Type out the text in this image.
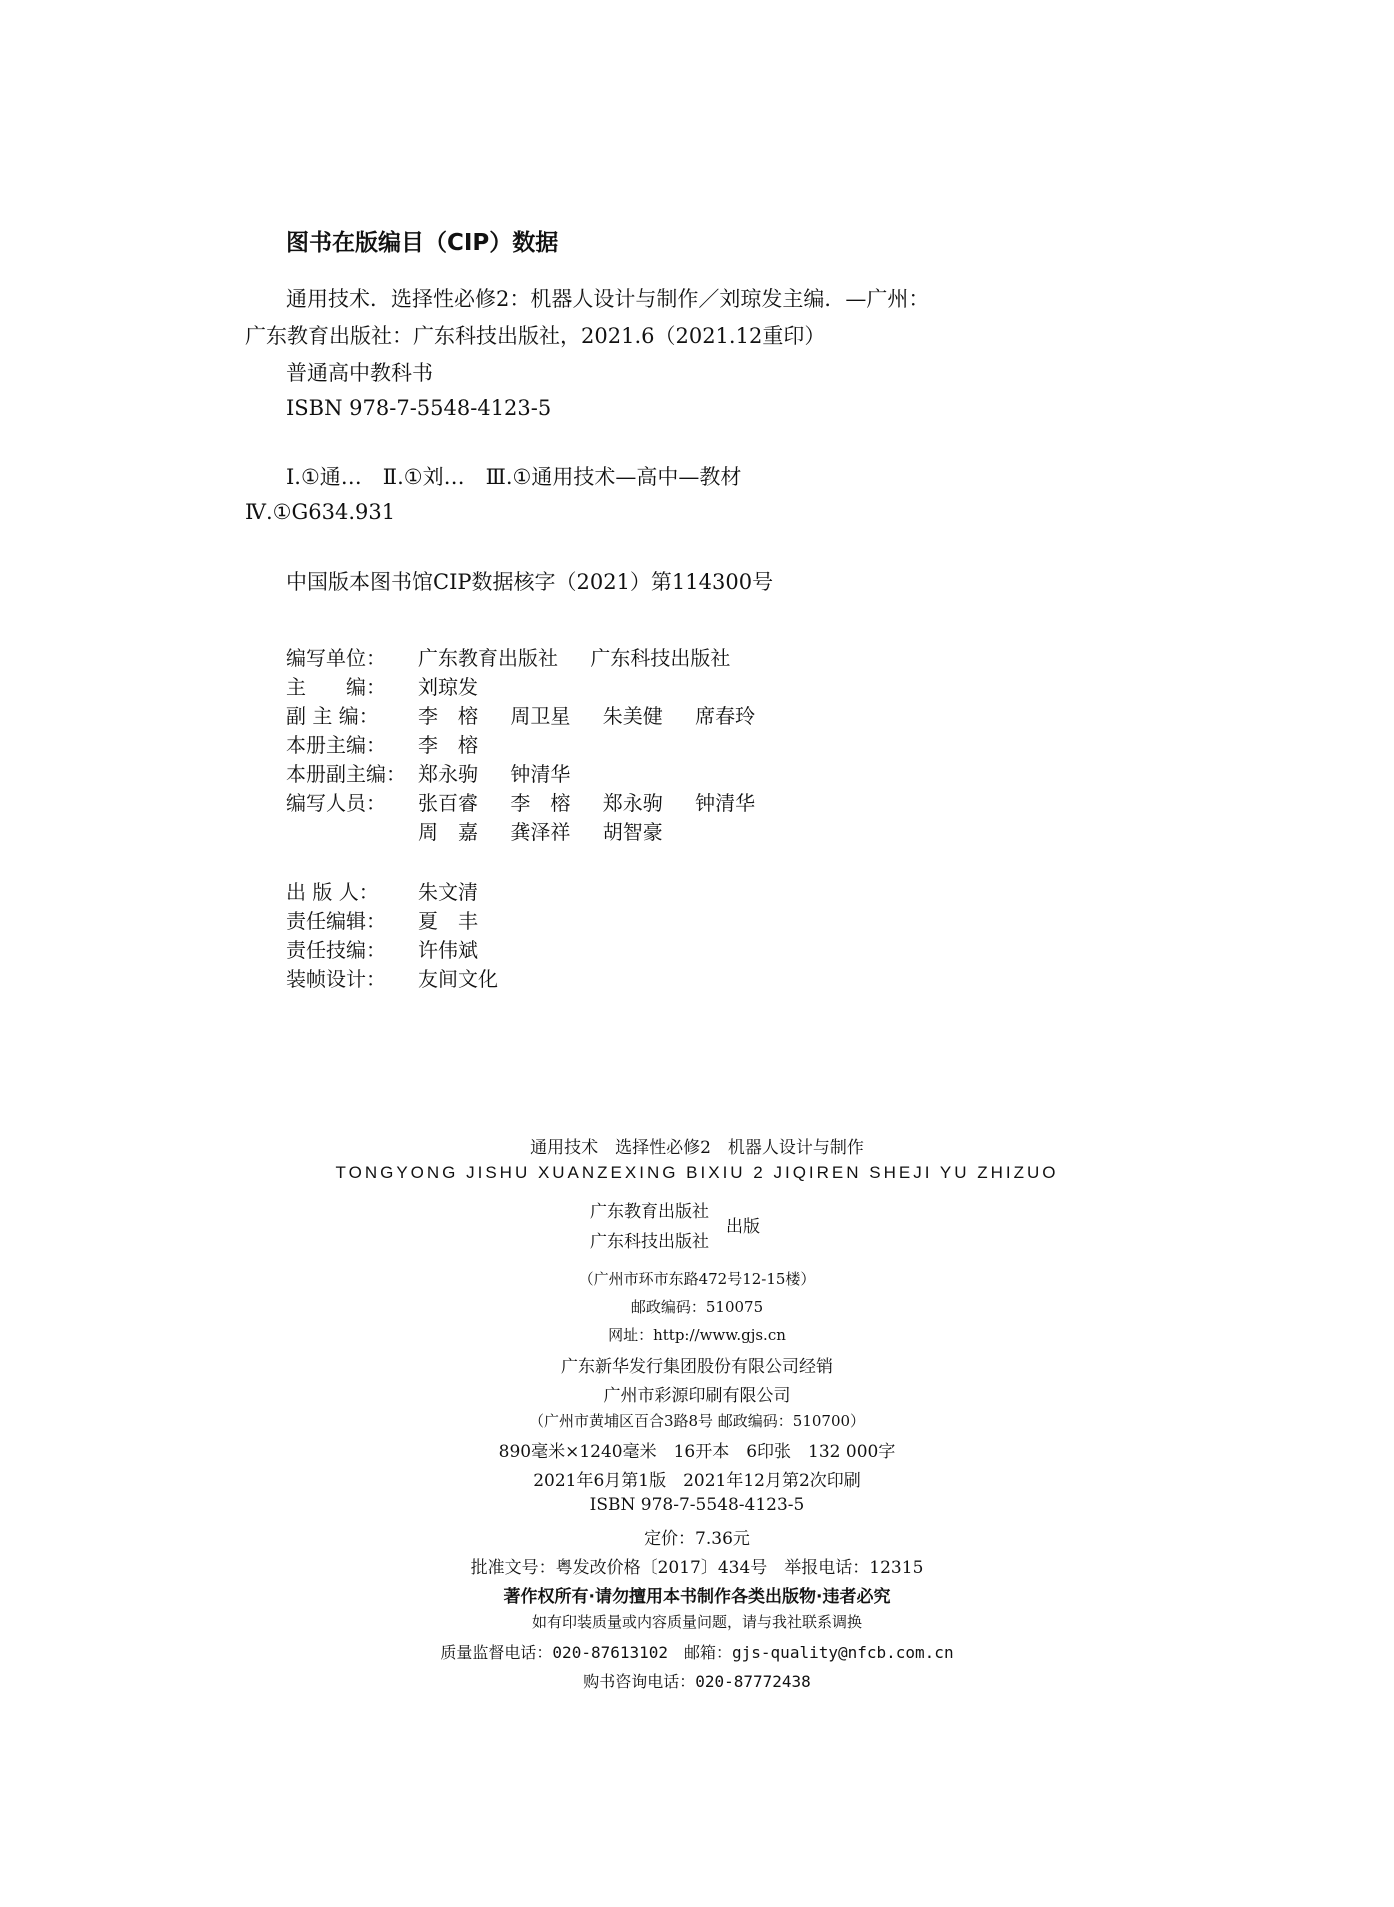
图书在版编目（CIP）数据
通用技术．选择性必修2：机器人设计与制作／刘琼发主编．—广州：
广东教育出版社：广东科技出版社，2021.6（2021.12重印）
普通高中教科书
ISBN 978-7-5548-4123-5
Ⅰ.①通…　Ⅱ.①刘…　Ⅲ.①通用技术—高中—教材
Ⅳ.①G634.931
中国版本图书馆CIP数据核字（2021）第114300号
编写单位：	广东教育出版社 广东科技出版社
主　　编：	刘琼发
副 主 编：	李　榕 周卫星 朱美健 席春玲
本册主编：	李　榕
本册副主编： 郑永驹 钟清华
编写人员：	张百睿 李　榕 郑永驹 钟清华
周　嘉 龚泽祥 胡智豪
出 版 人：	朱文清
责任编辑：	夏　丰
责任技编：	许伟斌
装帧设计：	友间文化
通用技术　选择性必修2　机器人设计与制作
TONGYONG JISHU XUANZEXING BIXIU 2 JIQIREN SHEJI YU ZHIZUO
广东教育出版社
广东科技出版社
出版
（广州市环市东路472号12-15楼）
邮政编码：510075
网址：http://www.gjs.cn
广东新华发行集团股份有限公司经销
广州市彩源印刷有限公司
（广州市黄埔区百合3路8号 邮政编码：510700）
890毫米×1240毫米　16开本　6印张　132 000字
2021年6月第1版　2021年12月第2次印刷
ISBN 978-7-5548-4123-5
定价：7.36元
批准文号：粤发改价格〔2017〕434号　举报电话：12315
著作权所有·请勿擅用本书制作各类出版物·违者必究
如有印装质量或内容质量问题，请与我社联系调换
质量监督电话：020-87613102　邮箱：gjs-quality@nfcb.com.cn
购书咨询电话：020-87772438
